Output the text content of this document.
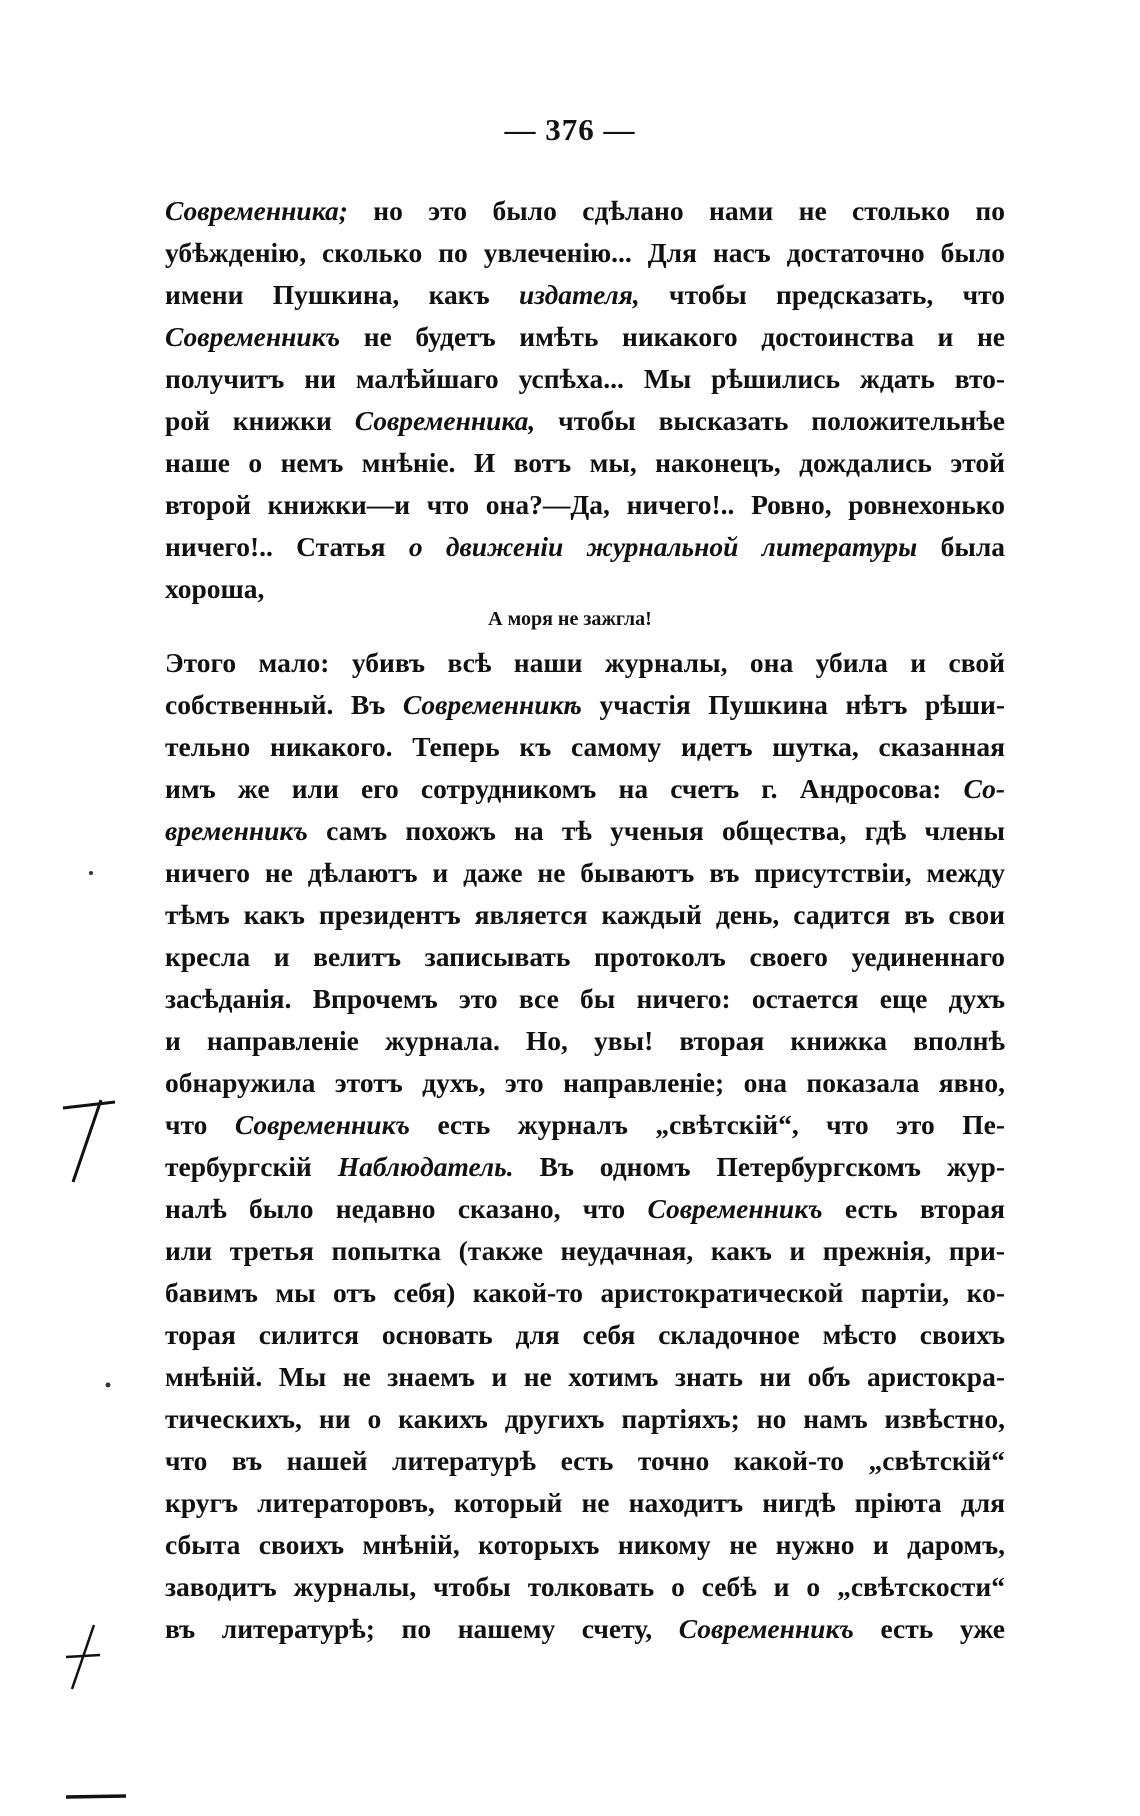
— 376 —
Современника; но это было сдѣлано нами не столько по
убѣжденію, сколько по увлеченію... Для насъ достаточно было
имени Пушкина, какъ издателя, чтобы предсказать, что
Современникъ не будетъ имѣть никакого достоинства и не
получитъ ни малѣйшаго успѣха... Мы рѣшились ждать вто-
рой книжки Современника, чтобы высказать положительнѣе
наше о немъ мнѣніе. И вотъ мы, наконецъ, дождались этой
второй книжки—и что она?—Да, ничего!.. Ровно, ровнехонько
ничего!.. Статья о движеніи журнальной литературы была
хороша,
А моря не зажгла!
Этого мало: убивъ всѣ наши журналы, она убила и свой
собственный. Въ Современникѣ участія Пушкина нѣтъ рѣши-
тельно никакого. Теперь къ самому идетъ шутка, сказанная
имъ же или его сотрудникомъ на счетъ г. Андросова: Со-
временникъ самъ похожъ на тѣ ученыя общества, гдѣ члены
ничего не дѣлаютъ и даже не бываютъ въ присутствіи, между
тѣмъ какъ президентъ является каждый день, садится въ свои
кресла и велитъ записывать протоколъ своего уединеннаго
засѣданія. Впрочемъ это все бы ничего: остается еще духъ
и направленіе журнала. Но, увы! вторая книжка вполнѣ
обнаружила этотъ духъ, это направленіе; она показала явно,
что Современникъ есть журналъ „свѣтскій“, что это Пе-
тербургскій Наблюдатель. Въ одномъ Петербургскомъ жур-
налѣ было недавно сказано, что Современникъ есть вторая
или третья попытка (также неудачная, какъ и прежнія, при-
бавимъ мы отъ себя) какой-то аристократической партіи, ко-
торая силится основать для себя складочное мѣсто своихъ
мнѣній. Мы не знаемъ и не хотимъ знать ни объ аристокра-
тическихъ, ни о какихъ другихъ партіяхъ; но намъ извѣстно,
что въ нашей литературѣ есть точно какой-то „свѣтскій“
кругъ литераторовъ, который не находитъ нигдѣ пріюта для
сбыта своихъ мнѣній, которыхъ никому не нужно и даромъ,
заводитъ журналы, чтобы толковать о себѣ и о „свѣтскости“
въ литературѣ; по нашему счету, Современникъ есть уже
